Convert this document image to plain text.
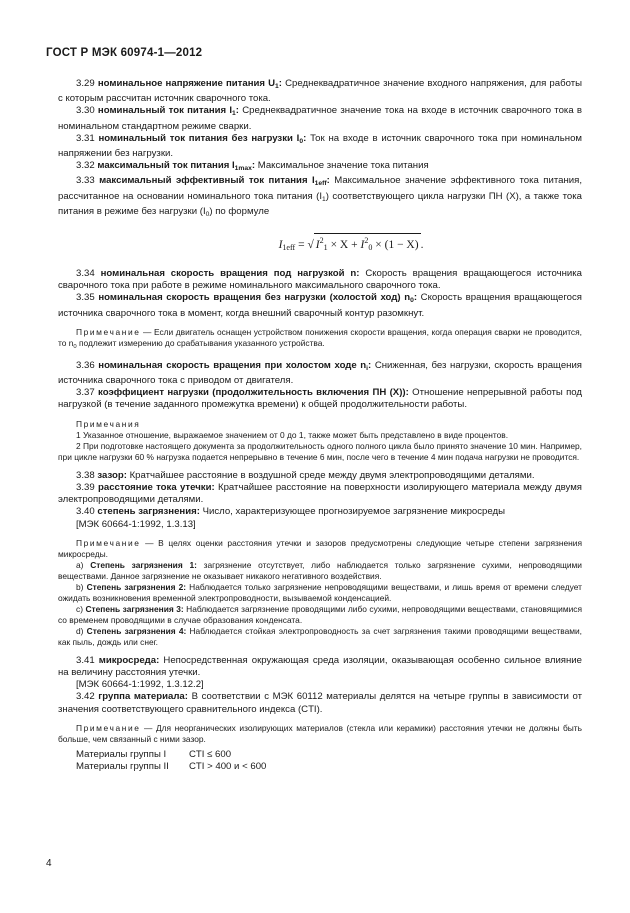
ГОСТ Р МЭК 60974-1—2012

3.29 номинальное напряжение питания $U_1$: Среднеквадратичное значение входного напряжения, для работы с которым рассчитан источник сварочного тока.

3.30 номинальный ток питания $I_1$: Среднеквадратичное значение тока на входе в источник сварочного тока в номинальном стандартном режиме сварки.

3.31 номинальный ток питания без нагрузки $I_0$: Ток на входе в источник сварочного тока при номинальном напряжении без нагрузки.

3.32 максимальный ток питания $I_{1max}$: Максимальное значение тока питания

3.33 максимальный эффективный ток питания $I_{1eff}$: Максимальное значение эффективного тока питания, рассчитанное на основании номинального тока питания $(I_1)$ соответствующего цикла нагрузки ПН (X), а также тока питания в режиме без нагрузки $(I_0)$ по формуле

$I_{1eff}$ = √ $I^2_1 \times X + I^2_0 \times (1 - X)$ .

3.34 номинальная скорость вращения под нагрузкой n: Скорость вращения вращающегося источника сварочного тока при работе в режиме номинального максимального сварочного тока.

3.35 номинальная скорость вращения без нагрузки (холостой ход) $n_0$: Скорость вращения вращающегося источника сварочного тока в момент, когда внешний сварочный контур разомкнут.

Примечание — Если двигатель оснащен устройством понижения скорости вращения, когда операция сварки не проводится, то $n_0$ подлежит измерению до срабатывания указанного устройства.

3.36 номинальная скорость вращения при холостом ходе $n_i$: Сниженная, без нагрузки, скорость вращения источника сварочного тока с приводом от двигателя.

3.37 коэффициент нагрузки (продолжительность включения ПН (X)): Отношение непрерывной работы под нагрузкой (в течение заданного промежутка времени) к общей продолжительности работы.

Примечания

1 Указанное отношение, выражаемое значением от 0 до 1, также может быть представлено в виде процентов.

2 При подготовке настоящего документа за продолжительность одного полного цикла было принято значение 10 мин. Например, при цикле нагрузки 60 % нагрузка подается непрерывно в течение 6 мин, после чего в течение 4 мин подача нагрузки не проводится.

3.38 зазор: Кратчайшее расстояние в воздушной среде между двумя электропроводящими деталями.

3.39 расстояние тока утечки: Кратчайшее расстояние на поверхности изолирующего материала между двумя электропроводящими деталями.

3.40 степень загрязнения: Число, характеризующее прогнозируемое загрязнение микросреды

[МЭК 60664-1:1992, 1.3.13]

Примечание — В целях оценки расстояния утечки и зазоров предусмотрены следующие четыре степени загрязнения микросреды.

a) Степень загрязнения 1: загрязнение отсутствует, либо наблюдается только загрязнение сухими, непроводящими веществами. Данное загрязнение не оказывает никакого негативного воздействия.

b) Степень загрязнения 2: Наблюдается только загрязнение непроводящими веществами, и лишь время от времени следует ожидать возникновения временной электропроводности, вызываемой конденсацией.

c) Степень загрязнения 3: Наблюдается загрязнение проводящими либо сухими, непроводящими веществами, становящимися со временем проводящими в случае образования конденсата.

d) Степень загрязнения 4: Наблюдается стойкая электропроводность за счет загрязнения такими проводящими веществами, как пыль, дождь или снег.

3.41 микросреда: Непосредственная окружающая среда изоляции, оказывающая особенно сильное влияние на величину расстояния утечки.

[МЭК 60664-1:1992, 1.3.12.2]

3.42 группа материала: В соответствии с МЭК 60112 материалы делятся на четыре группы в зависимости от значения соответствующего сравнительного индекса (CTI).

Примечание — Для неорганических изолирующих материалов (стекла или керамики) расстояния утечки не должны быть больше, чем связанный с ними зазор.

Материалы группы I	CTI ≤ 600
Материалы группы II	CTI > 400 и < 600
4
